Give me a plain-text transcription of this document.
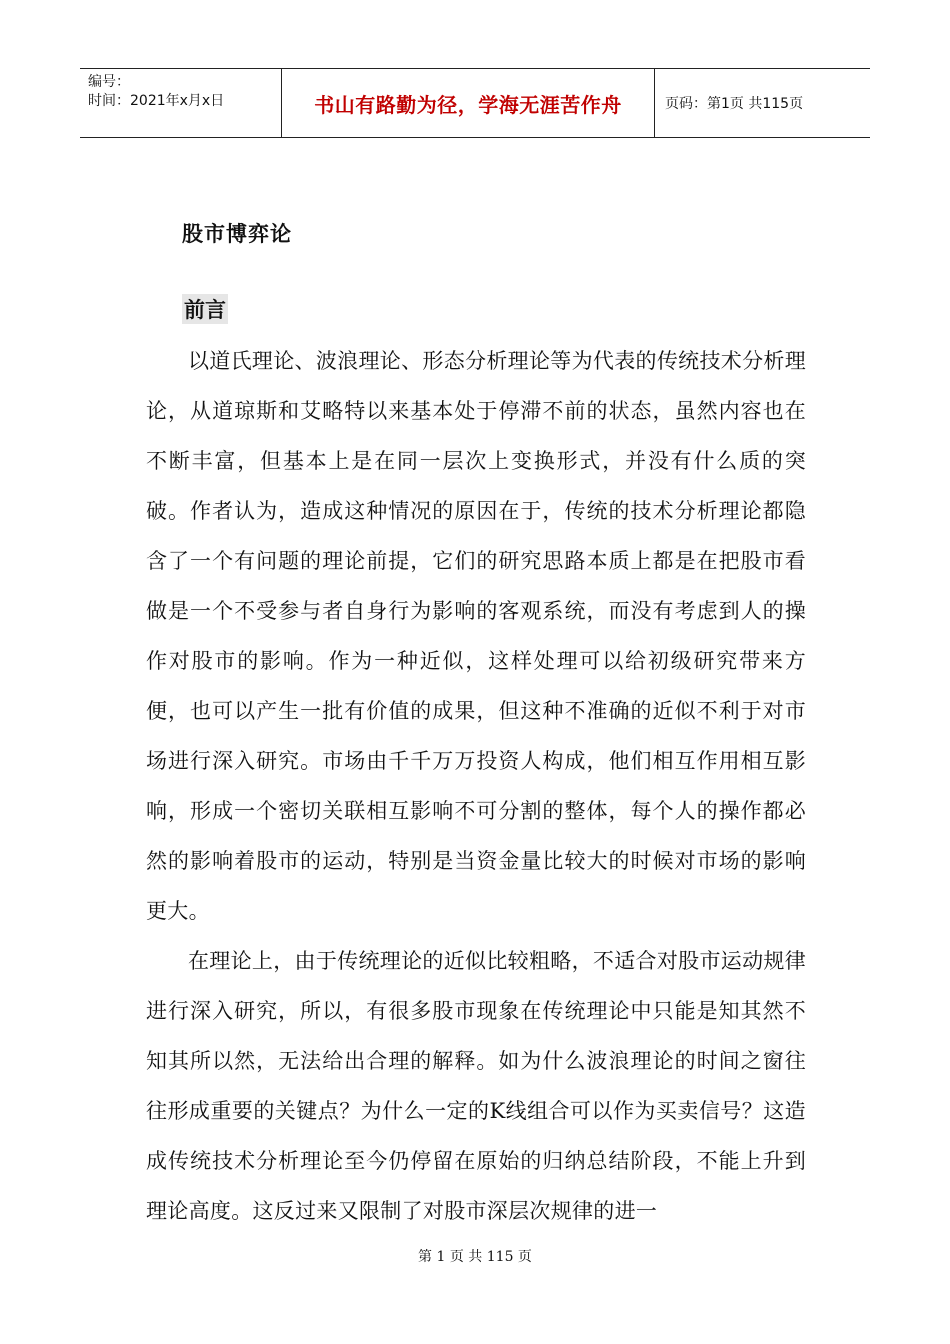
编号：
时间：2021年x月x日	书山有路勤为径，学海无涯苦作舟	页码：第1页 共115页
股市博弈论
前言

以道氏理论、波浪理论、形态分析理论等为代表的传统技术分析理论，从道琼斯和艾略特以来基本处于停滞不前的状态，虽然内容也在不断丰富，但基本上是在同一层次上变换形式，并没有什么质的突破。作者认为，造成这种情况的原因在于，传统的技术分析理论都隐含了一个有问题的理论前提，它们的研究思路本质上都是在把股市看做是一个不受参与者自身行为影响的客观系统，而没有考虑到人的操作对股市的影响。作为一种近似，这样处理可以给初级研究带来方便，也可以产生一批有价值的成果，但这种不准确的近似不利于对市场进行深入研究。市场由千千万万投资人构成，他们相互作用相互影响，形成一个密切关联相互影响不可分割的整体，每个人的操作都必然的影响着股市的运动，特别是当资金量比较大的时候对市场的影响更大。

在理论上，由于传统理论的近似比较粗略，不适合对股市运动规律进行深入研究，所以，有很多股市现象在传统理论中只能是知其然不知其所以然，无法给出合理的解释。如为什么波浪理论的时间之窗往往形成重要的关键点？为什么一定的K线组合可以作为买卖信号？这造成传统技术分析理论至今仍停留在原始的归纳总结阶段，不能上升到理论高度。这反过来又限制了对股市深层次规律的进一

第 1 页 共 115 页
